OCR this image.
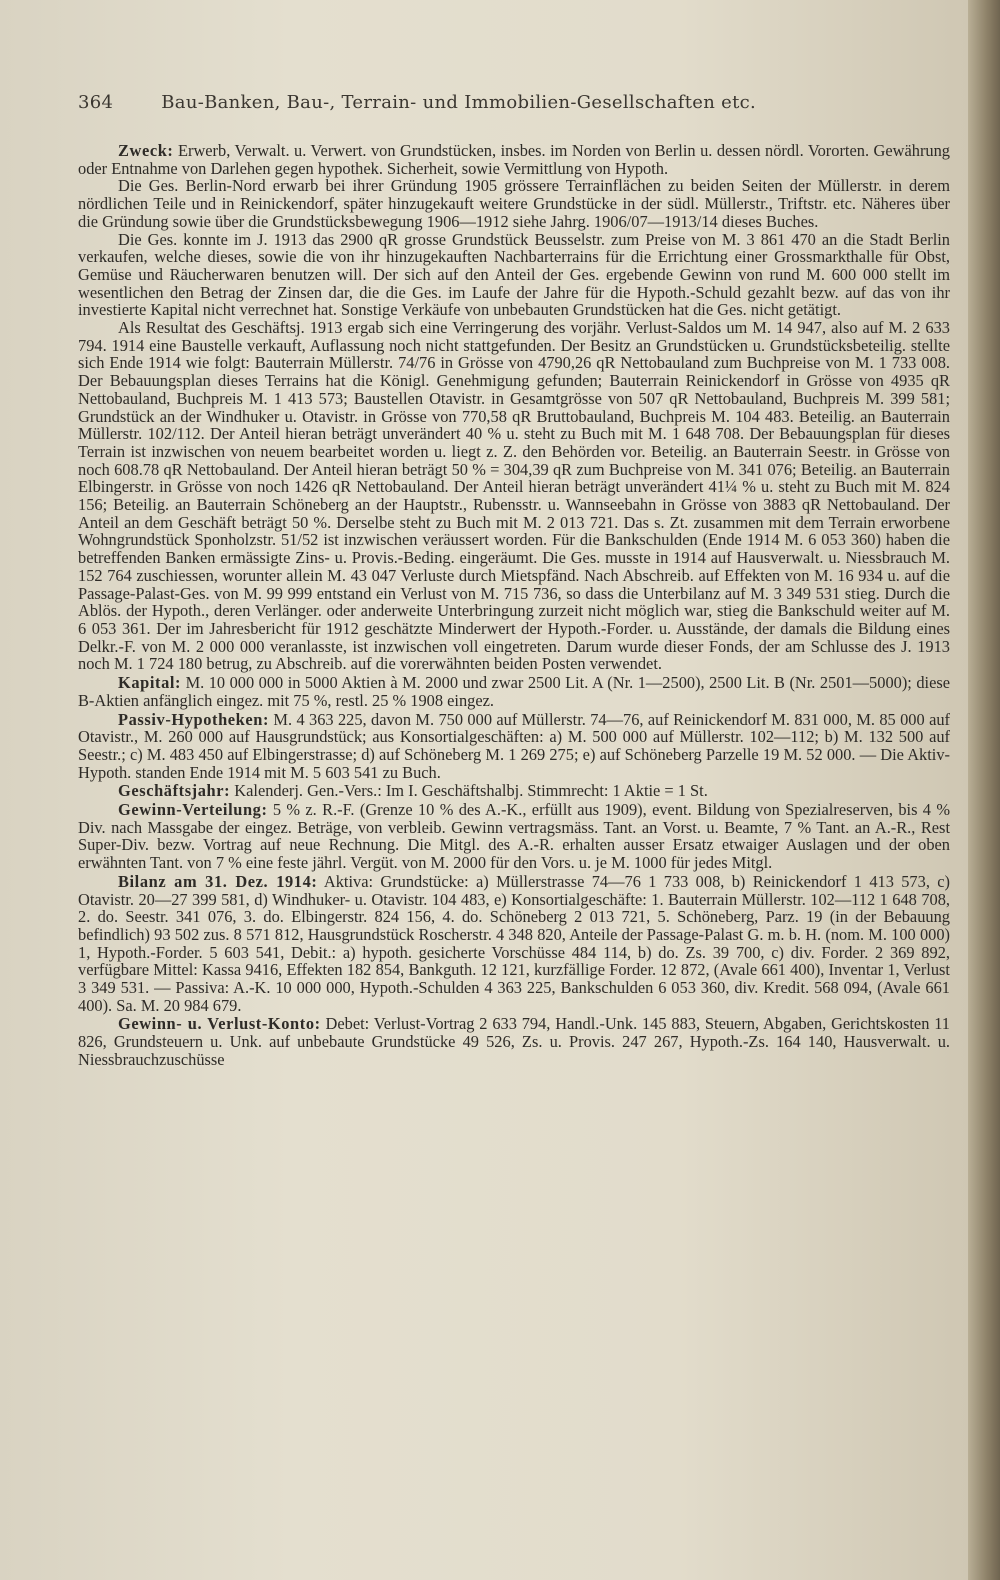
364	Bau-Banken, Bau-, Terrain- und Immobilien-Gesellschaften etc.

Zweck: Erwerb, Verwalt. u. Verwert. von Grundstücken, insbes. im Norden von Berlin u. dessen nördl. Vororten. Gewährung oder Entnahme von Darlehen gegen hypothek. Sicherheit, sowie Vermittlung von Hypoth.

Die Ges. Berlin-Nord erwarb bei ihrer Gründung 1905 grössere Terrainflächen zu beiden Seiten der Müllerstr. in derem nördlichen Teile und in Reinickendorf, später hinzugekauft weitere Grundstücke in der südl. Müllerstr., Triftstr. etc. Näheres über die Gründung sowie über die Grundstücksbewegung 1906—1912 siehe Jahrg. 1906/07—1913/14 dieses Buches.

Die Ges. konnte im J. 1913 das 2900 qR grosse Grundstück Beusselstr. zum Preise von M. 3 861 470 an die Stadt Berlin verkaufen, welche dieses, sowie die von ihr hinzugekauften Nachbarterrains für die Errichtung einer Grossmarkthalle für Obst, Gemüse und Räucherwaren benutzen will. Der sich auf den Anteil der Ges. ergebende Gewinn von rund M. 600 000 stellt im wesentlichen den Betrag der Zinsen dar, die die Ges. im Laufe der Jahre für die Hypoth.-Schuld gezahlt bezw. auf das von ihr investierte Kapital nicht verrechnet hat. Sonstige Verkäufe von unbebauten Grundstücken hat die Ges. nicht getätigt.

Als Resultat des Geschäftsj. 1913 ergab sich eine Verringerung des vorjähr. Verlust-Saldos um M. 14 947, also auf M. 2 633 794. 1914 eine Baustelle verkauft, Auflassung noch nicht stattgefunden. Der Besitz an Grundstücken u. Grundstücksbeteilig. stellte sich Ende 1914 wie folgt: Bauterrain Müllerstr. 74/76 in Grösse von 4790,26 qR Nettobauland zum Buchpreise von M. 1 733 008. Der Bebauungsplan dieses Terrains hat die Königl. Genehmigung gefunden; Bauterrain Reinickendorf in Grösse von 4935 qR Nettobauland, Buchpreis M. 1 413 573; Baustellen Otavistr. in Gesamtgrösse von 507 qR Nettobauland, Buchpreis M. 399 581; Grundstück an der Windhuker u. Otavistr. in Grösse von 770,58 qR Bruttobauland, Buchpreis M. 104 483. Beteilig. an Bauterrain Müllerstr. 102/112. Der Anteil hieran beträgt unverändert 40 % u. steht zu Buch mit M. 1 648 708. Der Bebauungsplan für dieses Terrain ist inzwischen von neuem bearbeitet worden u. liegt z. Z. den Behörden vor. Beteilig. an Bauterrain Seestr. in Grösse von noch 608.78 qR Nettobauland. Der Anteil hieran beträgt 50 % = 304,39 qR zum Buchpreise von M. 341 076; Beteilig. an Bauterrain Elbingerstr. in Grösse von noch 1426 qR Nettobauland. Der Anteil hieran beträgt unverändert 41¼ % u. steht zu Buch mit M. 824 156; Beteilig. an Bauterrain Schöneberg an der Hauptstr., Rubensstr. u. Wannseebahn in Grösse von 3883 qR Nettobauland. Der Anteil an dem Geschäft beträgt 50 %. Derselbe steht zu Buch mit M. 2 013 721. Das s. Zt. zusammen mit dem Terrain erworbene Wohngrundstück Sponholzstr. 51/52 ist inzwischen veräussert worden. Für die Bankschulden (Ende 1914 M. 6 053 360) haben die betreffenden Banken ermässigte Zins- u. Provis.-Beding. eingeräumt. Die Ges. musste in 1914 auf Hausverwalt. u. Niessbrauch M. 152 764 zuschiessen, worunter allein M. 43 047 Verluste durch Mietspfänd. Nach Abschreib. auf Effekten von M. 16 934 u. auf die Passage-Palast-Ges. von M. 99 999 entstand ein Verlust von M. 715 736, so dass die Unterbilanz auf M. 3 349 531 stieg. Durch die Ablös. der Hypoth., deren Verlänger. oder anderweite Unterbringung zurzeit nicht möglich war, stieg die Bankschuld weiter auf M. 6 053 361. Der im Jahresbericht für 1912 geschätzte Minderwert der Hypoth.-Forder. u. Ausstände, der damals die Bildung eines Delkr.-F. von M. 2 000 000 veranlasste, ist inzwischen voll eingetreten. Darum wurde dieser Fonds, der am Schlusse des J. 1913 noch M. 1 724 180 betrug, zu Abschreib. auf die vorerwähnten beiden Posten verwendet.

Kapital: M. 10 000 000 in 5000 Aktien à M. 2000 und zwar 2500 Lit. A (Nr. 1—2500), 2500 Lit. B (Nr. 2501—5000); diese B-Aktien anfänglich eingez. mit 75 %, restl. 25 % 1908 eingez.

Passiv-Hypotheken: M. 4 363 225, davon M. 750 000 auf Müllerstr. 74—76, auf Reinickendorf M. 831 000, M. 85 000 auf Otavistr., M. 260 000 auf Hausgrundstück; aus Konsortialgeschäften: a) M. 500 000 auf Müllerstr. 102—112; b) M. 132 500 auf Seestr.; c) M. 483 450 auf Elbingerstrasse; d) auf Schöneberg M. 1 269 275; e) auf Schöneberg Parzelle 19 M. 52 000. — Die Aktiv-Hypoth. standen Ende 1914 mit M. 5 603 541 zu Buch.

Geschäftsjahr: Kalenderj. Gen.-Vers.: Im I. Geschäftshalbj. Stimmrecht: 1 Aktie = 1 St.

Gewinn-Verteilung: 5 % z. R.-F. (Grenze 10 % des A.-K., erfüllt aus 1909), event. Bildung von Spezialreserven, bis 4 % Div. nach Massgabe der eingez. Beträge, von verbleib. Gewinn vertragsmäss. Tant. an Vorst. u. Beamte, 7 % Tant. an A.-R., Rest Super-Div. bezw. Vortrag auf neue Rechnung. Die Mitgl. des A.-R. erhalten ausser Ersatz etwaiger Auslagen und der oben erwähnten Tant. von 7 % eine feste jährl. Vergüt. von M. 2000 für den Vors. u. je M. 1000 für jedes Mitgl.

Bilanz am 31. Dez. 1914: Aktiva: Grundstücke: a) Müllerstrasse 74—76 1 733 008, b) Reinickendorf 1 413 573, c) Otavistr. 20—27 399 581, d) Windhuker- u. Otavistr. 104 483, e) Konsortialgeschäfte: 1. Bauterrain Müllerstr. 102—112 1 648 708, 2. do. Seestr. 341 076, 3. do. Elbingerstr. 824 156, 4. do. Schöneberg 2 013 721, 5. Schöneberg, Parz. 19 (in der Bebauung befindlich) 93 502 zus. 8 571 812, Hausgrundstück Roscherstr. 4 348 820, Anteile der Passage-Palast G. m. b. H. (nom. M. 100 000) 1, Hypoth.-Forder. 5 603 541, Debit.: a) hypoth. gesicherte Vorschüsse 484 114, b) do. Zs. 39 700, c) div. Forder. 2 369 892, verfügbare Mittel: Kassa 9416, Effekten 182 854, Bankguth. 12 121, kurzfällige Forder. 12 872, (Avale 661 400), Inventar 1, Verlust 3 349 531. — Passiva: A.-K. 10 000 000, Hypoth.-Schulden 4 363 225, Bankschulden 6 053 360, div. Kredit. 568 094, (Avale 661 400). Sa. M. 20 984 679.

Gewinn- u. Verlust-Konto: Debet: Verlust-Vortrag 2 633 794, Handl.-Unk. 145 883, Steuern, Abgaben, Gerichtskosten 11 826, Grundsteuern u. Unk. auf unbebaute Grundstücke 49 526, Zs. u. Provis. 247 267, Hypoth.-Zs. 164 140, Hausverwalt. u. Niessbrauchzuschüsse
